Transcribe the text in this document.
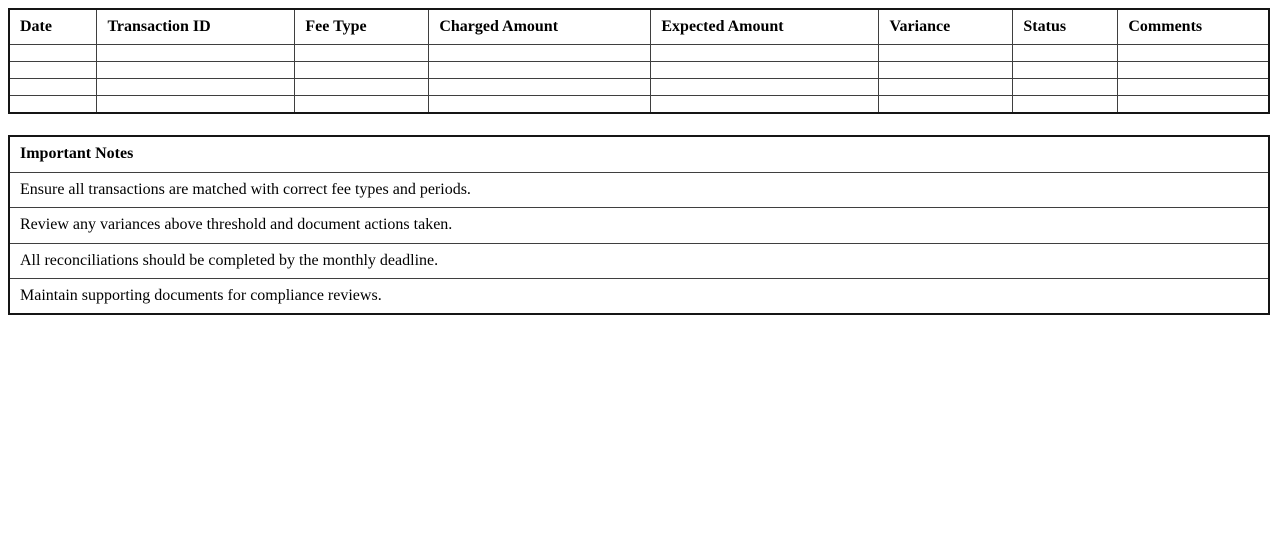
Date	Transaction ID	Fee Type	Charged Amount	Expected Amount	Variance	Status	Comments

Important Notes
Ensure all transactions are matched with correct fee types and periods.
Review any variances above threshold and document actions taken.
All reconciliations should be completed by the monthly deadline.
Maintain supporting documents for compliance reviews.
